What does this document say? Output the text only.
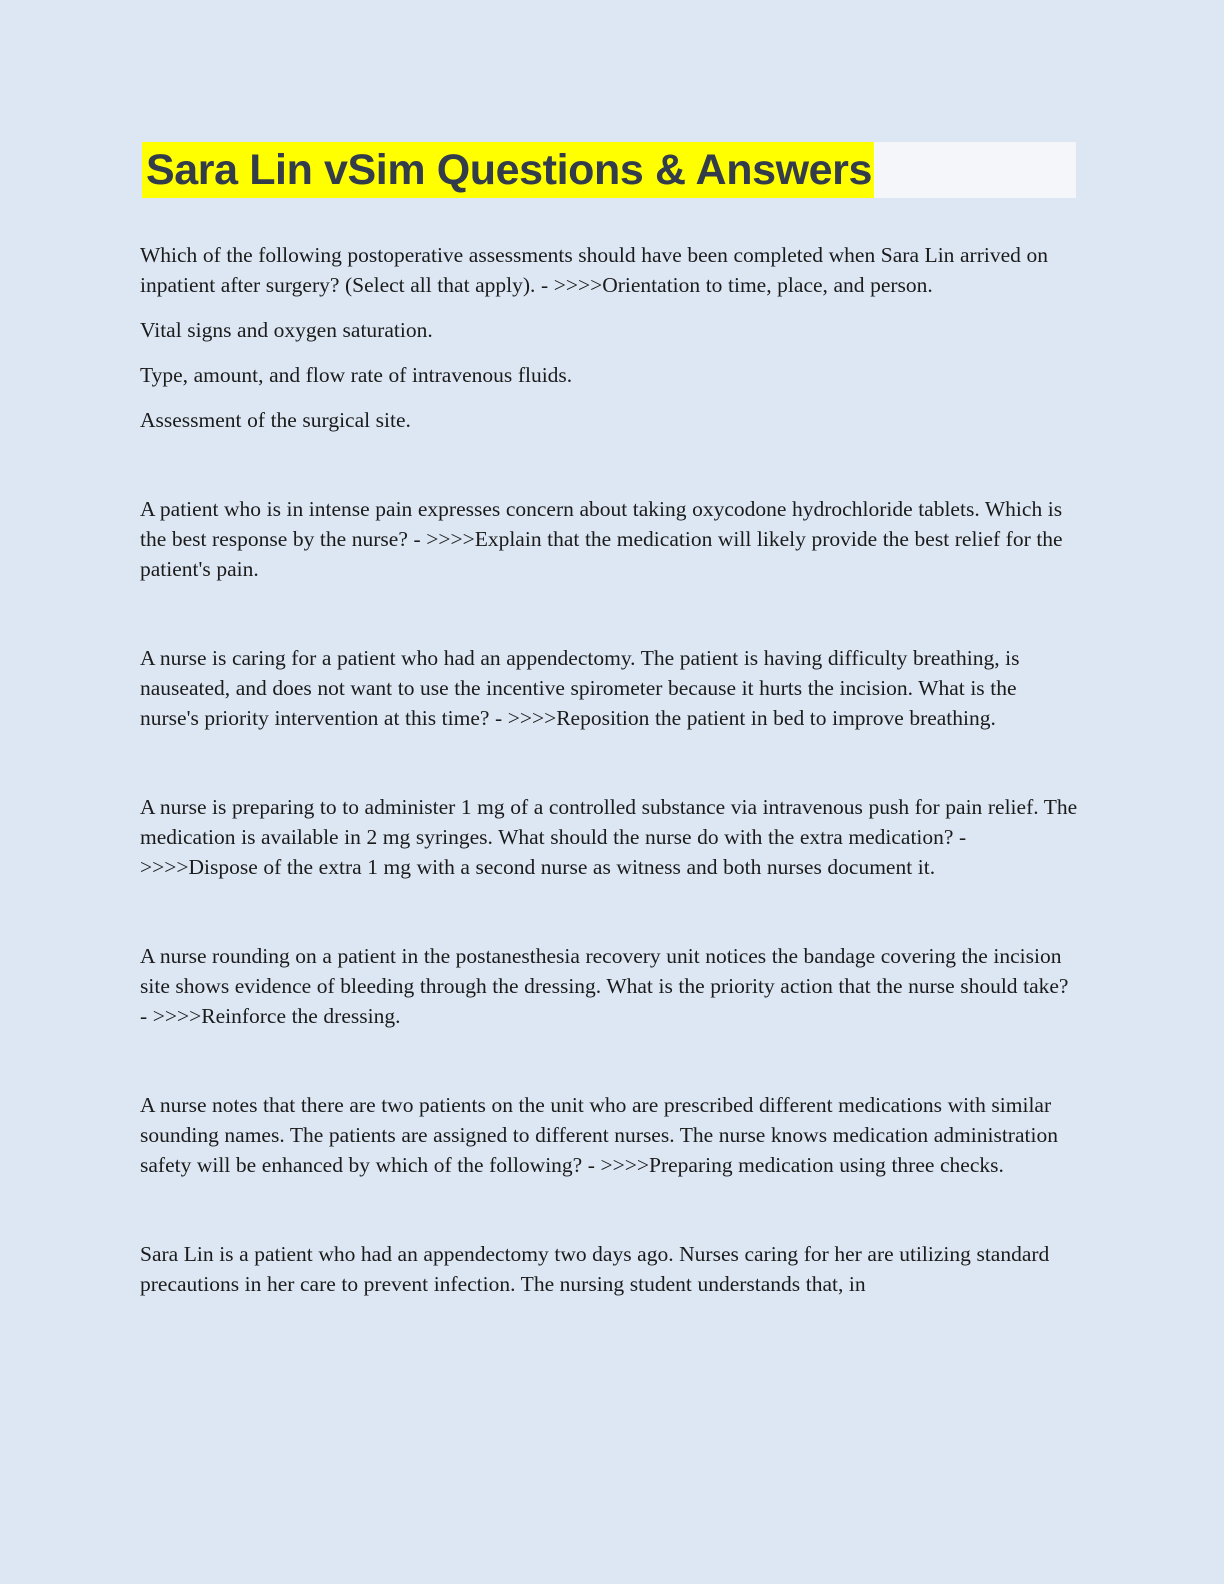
Sara Lin vSim Questions & Answers

Which of the following postoperative assessments should have been completed when Sara Lin arrived on inpatient after surgery? (Select all that apply). - >>>>Orientation to time, place, and person.

Vital signs and oxygen saturation.

Type, amount, and flow rate of intravenous fluids.

Assessment of the surgical site.

A patient who is in intense pain expresses concern about taking oxycodone hydrochloride tablets. Which is the best response by the nurse? - >>>>Explain that the medication will likely provide the best relief for the patient's pain.

A nurse is caring for a patient who had an appendectomy. The patient is having difficulty breathing, is nauseated, and does not want to use the incentive spirometer because it hurts the incision. What is the nurse's priority intervention at this time? - >>>>Reposition the patient in bed to improve breathing.

A nurse is preparing to to administer 1 mg of a controlled substance via intravenous push for pain relief. The medication is available in 2 mg syringes. What should the nurse do with the extra medication? - >>>>Dispose of the extra 1 mg with a second nurse as witness and both nurses document it.

A nurse rounding on a patient in the postanesthesia recovery unit notices the bandage covering the incision site shows evidence of bleeding through the dressing. What is the priority action that the nurse should take? - >>>>Reinforce the dressing.

A nurse notes that there are two patients on the unit who are prescribed different medications with similar sounding names. The patients are assigned to different nurses. The nurse knows medication administration safety will be enhanced by which of the following? - >>>>Preparing medication using three checks.

Sara Lin is a patient who had an appendectomy two days ago. Nurses caring for her are utilizing standard precautions in her care to prevent infection. The nursing student understands that, in
